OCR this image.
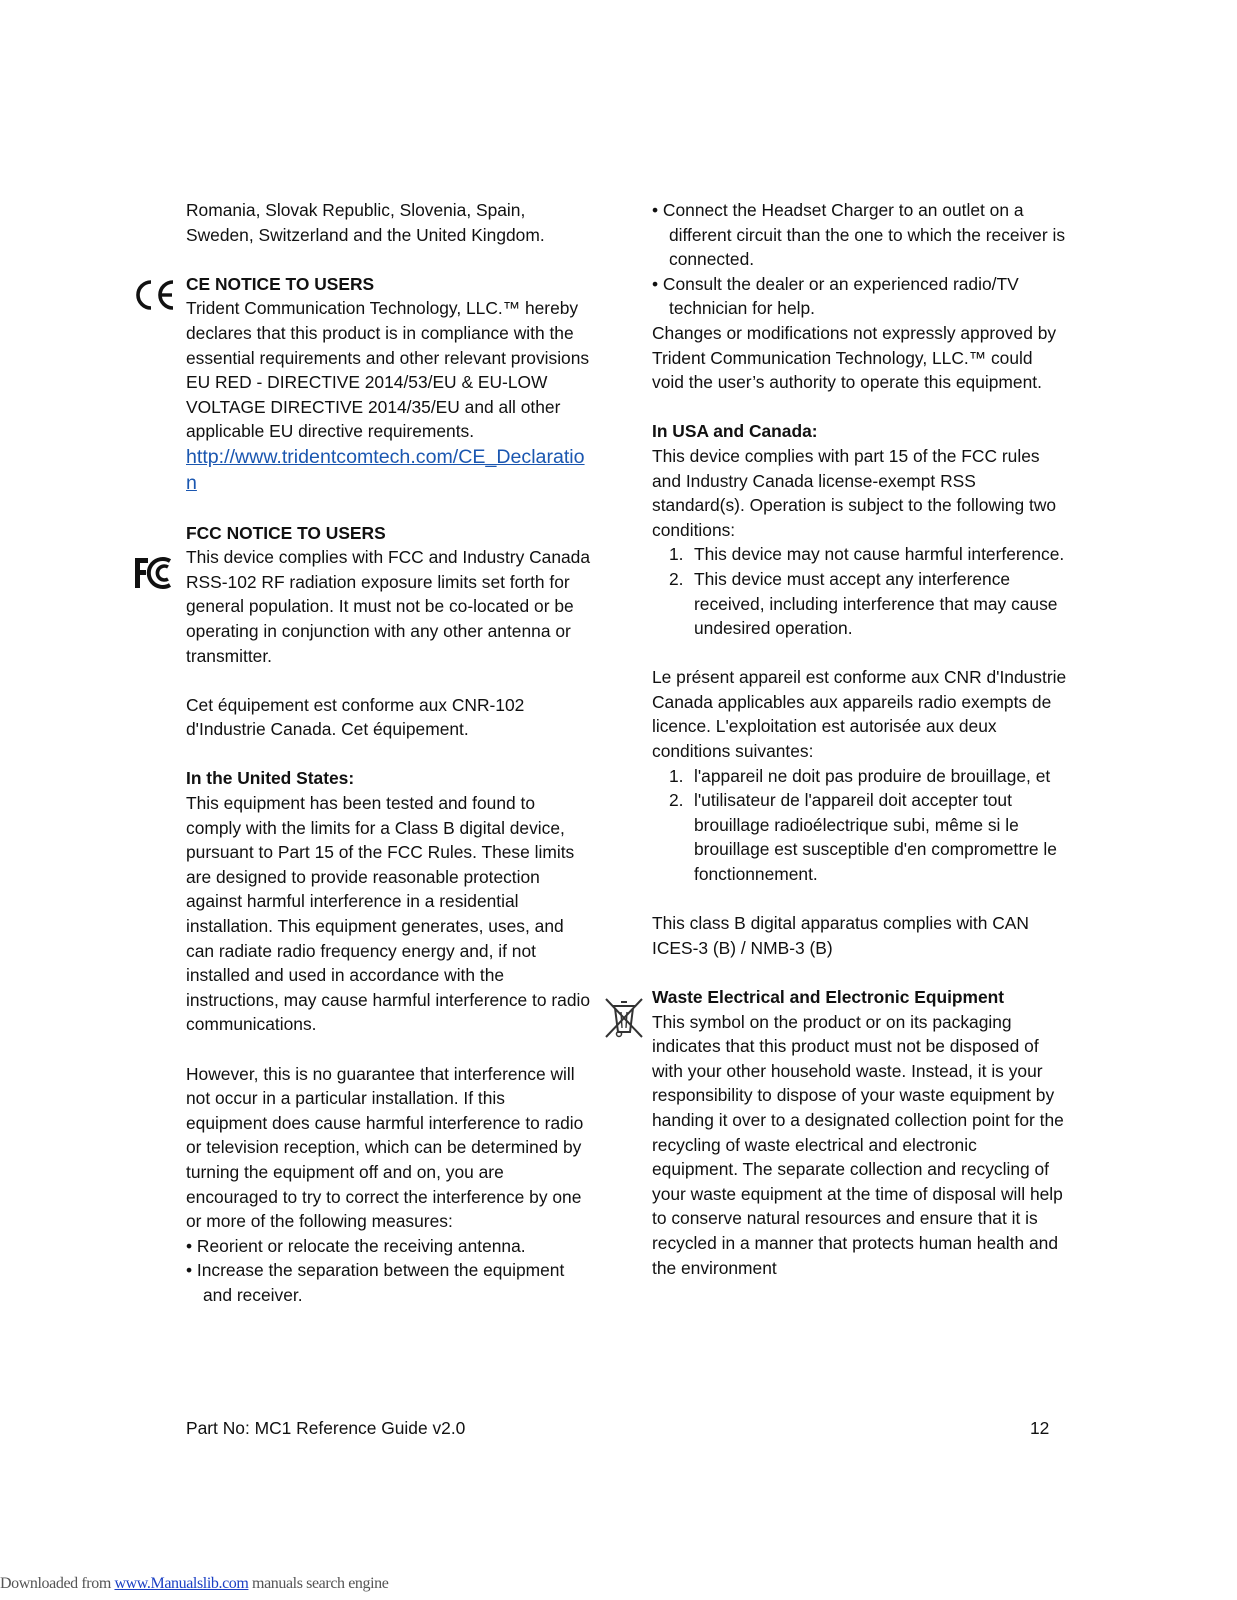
Romania, Slovak Republic, Slovenia, Spain, Sweden, Switzerland and the United Kingdom.

CE NOTICE TO USERS

Trident Communication Technology, LLC.™ hereby declares that this product is in compliance with the essential requirements and other relevant provisions EU RED - DIRECTIVE 2014/53/EU & EU-LOW VOLTAGE DIRECTIVE 2014/35/EU and all other applicable EU directive requirements.

http://www.tridentcomtech.com/CE_Declaration

FCC NOTICE TO USERS

This device complies with FCC and Industry Canada RSS-102 RF radiation exposure limits set forth for general population. It must not be co-located or be operating in conjunction with any other antenna or transmitter.

Cet équipement est conforme aux CNR-102 d'Industrie Canada. Cet équipement.

In the United States:

This equipment has been tested and found to comply with the limits for a Class B digital device, pursuant to Part 15 of the FCC Rules. These limits are designed to provide reasonable protection against harmful interference in a residential installation. This equipment generates, uses, and can radiate radio frequency energy and, if not installed and used in accordance with the instructions, may cause harmful interference to radio communications.

However, this is no guarantee that interference will not occur in a particular installation. If this equipment does cause harmful interference to radio or television reception, which can be determined by turning the equipment off and on, you are encouraged to try to correct the interference by one or more of the following measures:

• Reorient or relocate the receiving antenna.

• Increase the separation between the equipment and receiver.

• Connect the Headset Charger to an outlet on a different circuit than the one to which the receiver is connected.

• Consult the dealer or an experienced radio/TV technician for help.

Changes or modifications not expressly approved by Trident Communication Technology, LLC.™ could void the user’s authority to operate this equipment.

In USA and Canada:

This device complies with part 15 of the FCC rules and Industry Canada license-exempt RSS standard(s). Operation is subject to the following two conditions:

1. This device may not cause harmful interference.
2. This device must accept any interference received, including interference that may cause undesired operation.

Le présent appareil est conforme aux CNR d'Industrie Canada applicables aux appareils radio exempts de licence. L'exploitation est autorisée aux deux conditions suivantes:

1. l'appareil ne doit pas produire de brouillage, et
2. l'utilisateur de l'appareil doit accepter tout brouillage radioélectrique subi, même si le brouillage est susceptible d'en compromettre le fonctionnement.

This class B digital apparatus complies with CAN ICES-3 (B) / NMB-3 (B)

Waste Electrical and Electronic Equipment

This symbol on the product or on its packaging indicates that this product must not be disposed of with your other household waste. Instead, it is your responsibility to dispose of your waste equipment by handing it over to a designated collection point for the recycling of waste electrical and electronic equipment. The separate collection and recycling of your waste equipment at the time of disposal will help to conserve natural resources and ensure that it is recycled in a manner that protects human health and the environment

Part No: MC1 Reference Guide v2.0	12
Downloaded from www.Manualslib.com manuals search engine
